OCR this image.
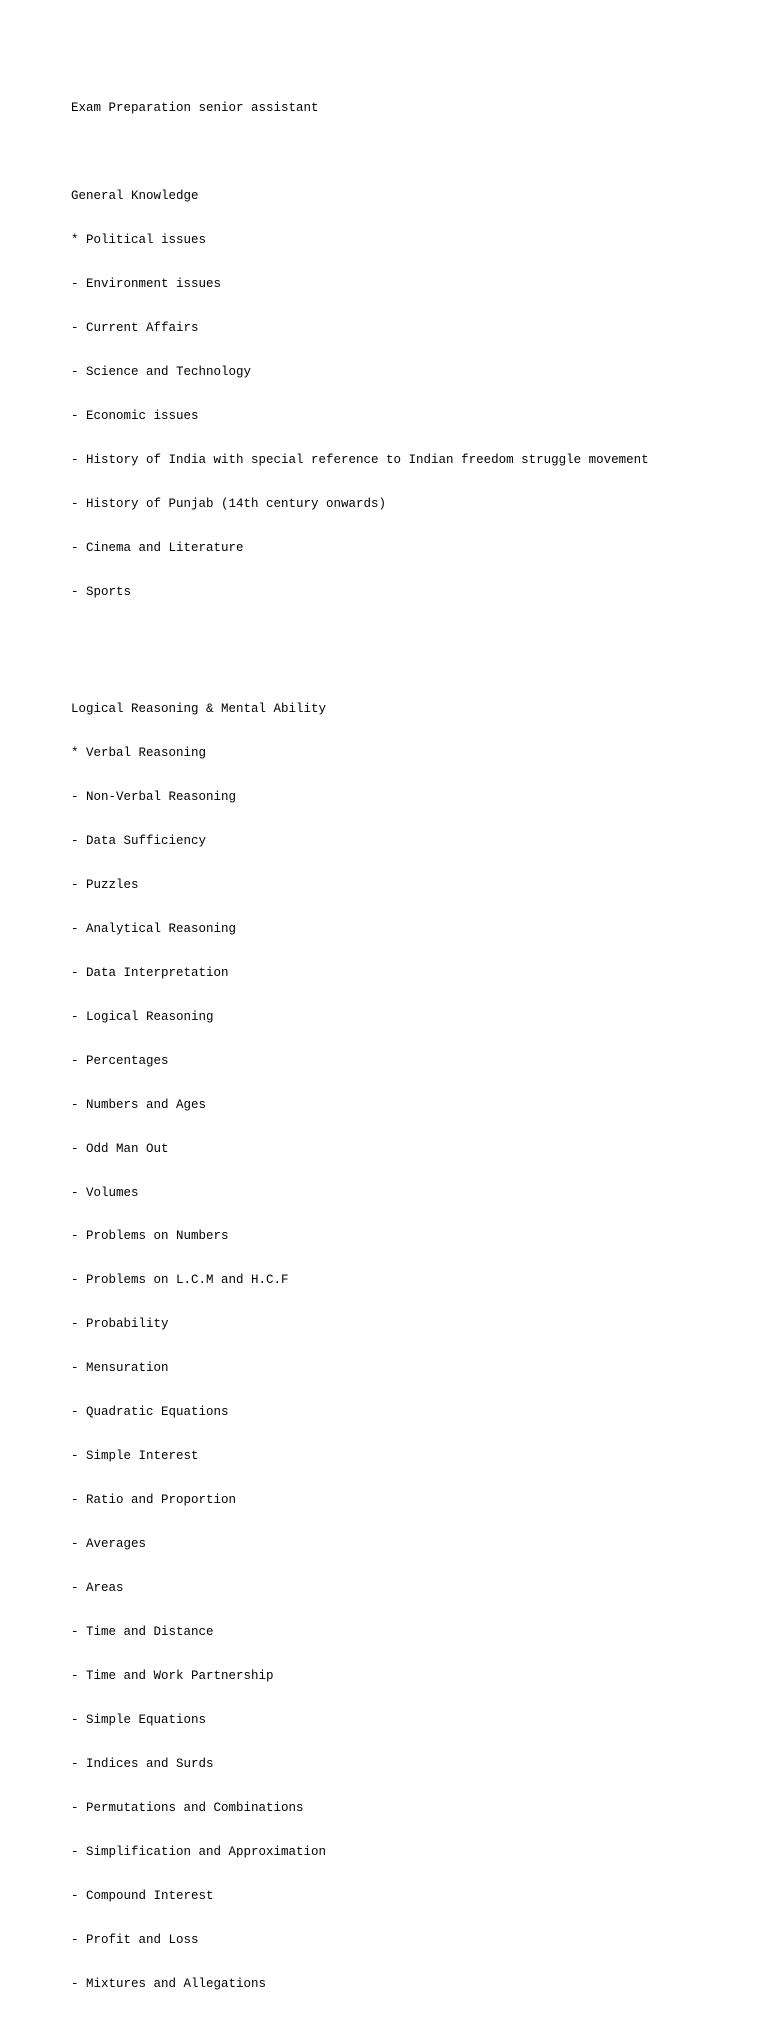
Exam Preparation senior assistant

General Knowledge

* Political issues

- Environment issues

- Current Affairs

- Science and Technology

- Economic issues

- History of India with special reference to Indian freedom struggle movement

- History of Punjab (14th century onwards)

- Cinema and Literature

- Sports

Logical Reasoning & Mental Ability

* Verbal Reasoning

- Non-Verbal Reasoning

- Data Sufficiency

- Puzzles

- Analytical Reasoning

- Data Interpretation

- Logical Reasoning

- Percentages

- Numbers and Ages

- Odd Man Out

- Volumes

- Problems on Numbers

- Problems on L.C.M and H.C.F

- Probability

- Mensuration

- Quadratic Equations

- Simple Interest

- Ratio and Proportion

- Averages

- Areas

- Time and Distance

- Time and Work Partnership

- Simple Equations

- Indices and Surds

- Permutations and Combinations

- Simplification and Approximation

- Compound Interest

- Profit and Loss

- Mixtures and Allegations
